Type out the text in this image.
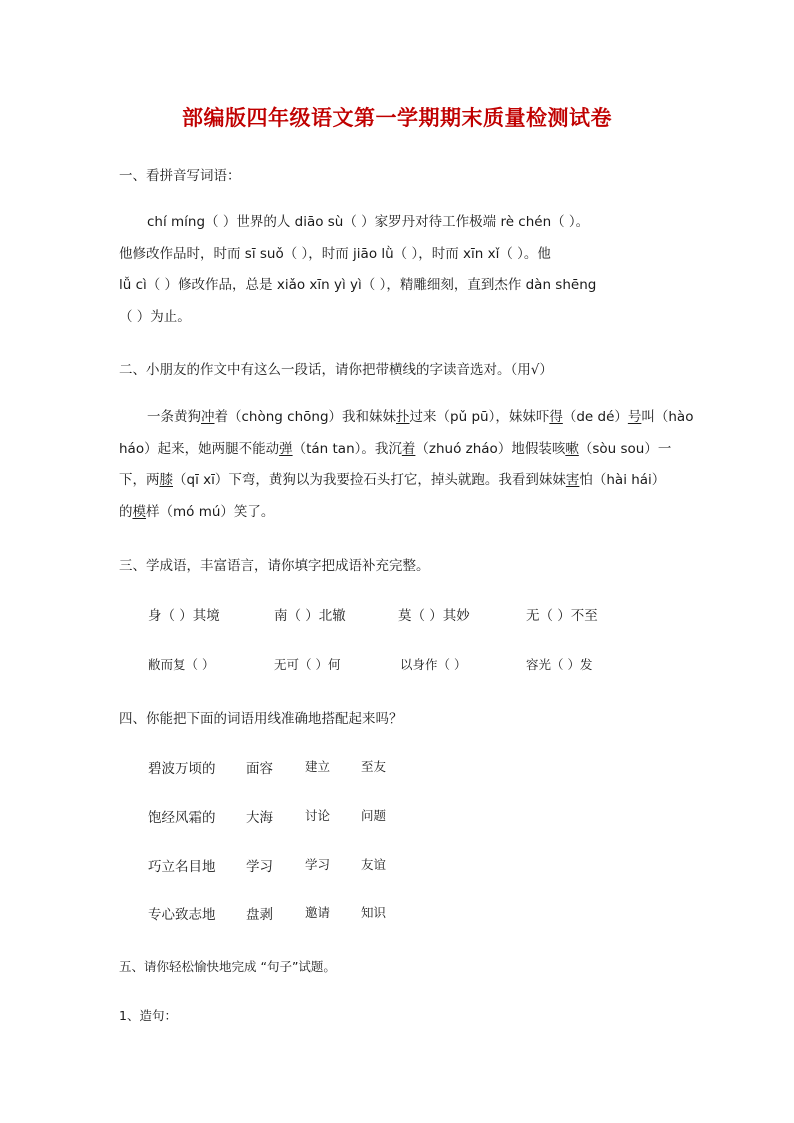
部编版四年级语文第一学期期末质量检测试卷
一、看拼音写词语：
chí míng（ ）世界的人 diāo sù（ ）家罗丹对待工作极端 rè chén（ ）。
他修改作品时，时而 sī suǒ（ ），时而 jiāo lǜ（ ），时而 xīn xǐ（ ）。他
lǚ cì（ ）修改作品，总是 xiǎo xīn yì yì（ ），精雕细刻，直到杰作 dàn shēng
（ ）为止。
二、小朋友的作文中有这么一段话，请你把带横线的字读音选对。（用√）
一条黄狗冲着（chòng chōng）我和妹妹扑过来（pǔ pū），妹妹吓得（de dé）号叫（hào
háo）起来，她两腿不能动弹（tán tan）。我沉着（zhuó zháo）地假装咳嗽（sòu sou）一
下，两膝（qī xī）下弯，黄狗以为我要捡石头打它，掉头就跑。我看到妹妹害怕（hài hái）
的模样（mó mú）笑了。
三、学成语，丰富语言，请你填字把成语补充完整。
身（ ）其境	南（ ）北辙	莫（ ）其妙	无（ ）不至
敝而复（ ）	无可（ ）何	以身作（ ）	容光（ ）发
四、你能把下面的词语用线准确地搭配起来吗？
碧波万顷的 面容	建立 至友
饱经风霜的 大海	讨论 问题
巧立名目地 学习	学习 友谊
专心致志地 盘剥	邀请 知识
五、请你轻松愉快地完成 “句子”试题。
1、造句：
